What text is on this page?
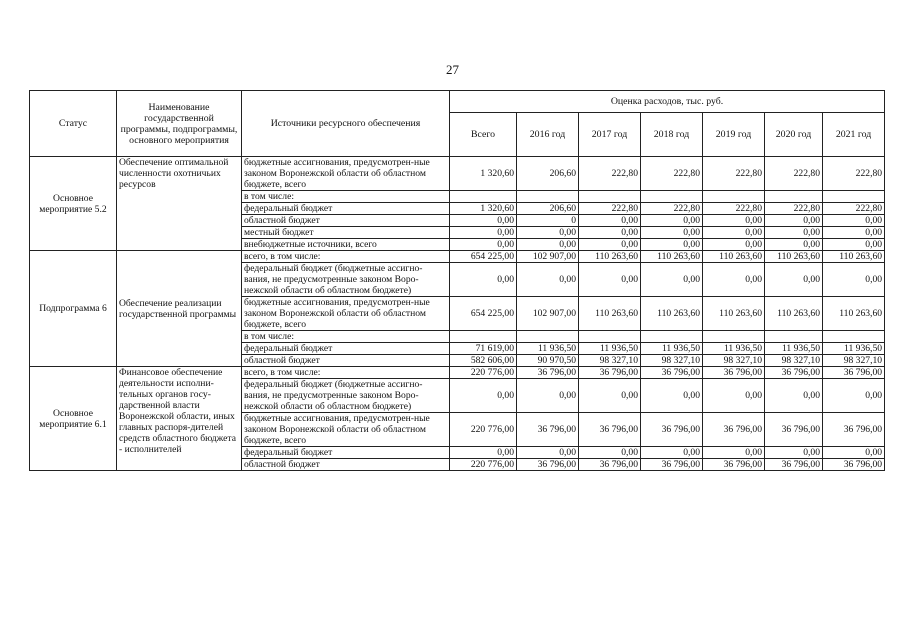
27
Статус	Наименование государственной программы, подпрограммы, основного мероприятия	Источники ресурсного обеспечения	Оценка расходов, тыс. руб.						
			Всего	2016 год	2017 год	2018 год	2019 год	2020 год	2021 год
Основное мероприятие 5.2	Обеспечение оптимальной численности охотничьих ресурсов	бюджетные ассигнования, предусмотрен-ные законом Воронежской области об областном бюджете, всего	1 320,60	206,60	222,80	222,80	222,80	222,80	222,80
		в том числе:							
		федеральный бюджет	1 320,60	206,60	222,80	222,80	222,80	222,80	222,80
		областной бюджет	0,00	0	0,00	0,00	0,00	0,00	0,00
		местный бюджет	0,00	0,00	0,00	0,00	0,00	0,00	0,00
		внебюджетные источники, всего	0,00	0,00	0,00	0,00	0,00	0,00	0,00
Подпрограмма 6	Обеспечение реализации государственной программы	всего, в том числе:	654 225,00	102 907,00	110 263,60	110 263,60	110 263,60	110 263,60	110 263,60
		федеральный бюджет (бюджетные ассигно-вания, не предусмотренные законом Воро-нежской области об областном бюджете)	0,00	0,00	0,00	0,00	0,00	0,00	0,00
		бюджетные ассигнования, предусмотрен-ные законом Воронежской области об областном бюджете, всего	654 225,00	102 907,00	110 263,60	110 263,60	110 263,60	110 263,60	110 263,60
		в том числе:							
		федеральный бюджет	71 619,00	11 936,50	11 936,50	11 936,50	11 936,50	11 936,50	11 936,50
		областной бюджет	582 606,00	90 970,50	98 327,10	98 327,10	98 327,10	98 327,10	98 327,10
Основное мероприятие 6.1	Финансовое обеспечение деятельности исполни-тельных органов госу-дарственной власти Воронежской области, иных главных распоря-дителей средств областного бюджета - исполнителей	всего, в том числе:	220 776,00	36 796,00	36 796,00	36 796,00	36 796,00	36 796,00	36 796,00
		федеральный бюджет (бюджетные ассигно-вания, не предусмотренные законом Воро-нежской области об областном бюджете)	0,00	0,00	0,00	0,00	0,00	0,00	0,00
		бюджетные ассигнования, предусмотрен-ные законом Воронежской области об областном бюджете, всего	220 776,00	36 796,00	36 796,00	36 796,00	36 796,00	36 796,00	36 796,00
		федеральный бюджет	0,00	0,00	0,00	0,00	0,00	0,00	0,00
		областной бюджет	220 776,00	36 796,00	36 796,00	36 796,00	36 796,00	36 796,00	36 796,00
